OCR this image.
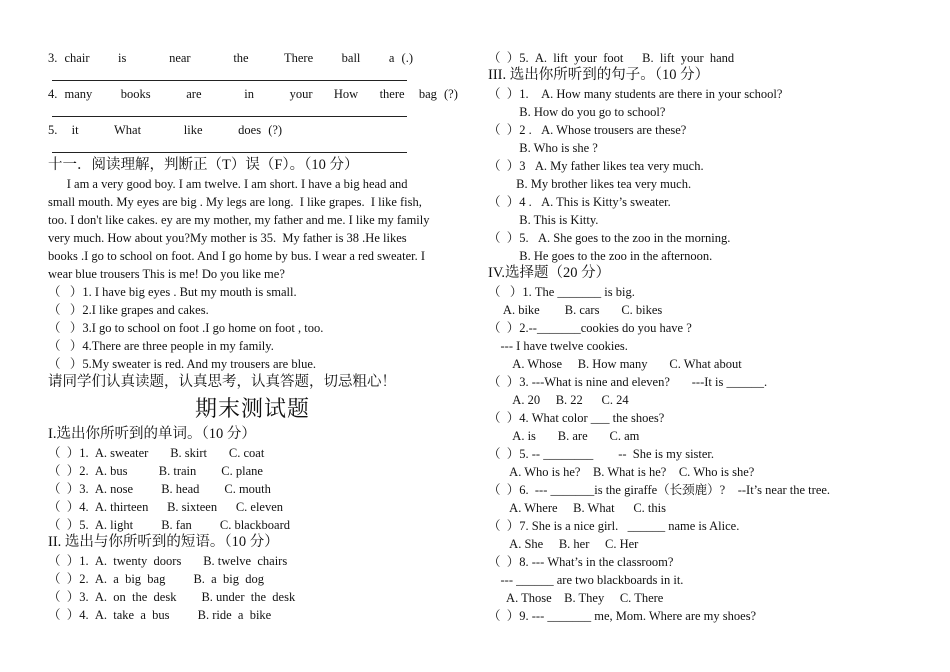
3. chair    is      near      the     There    ball    a (.)
4. many    books     are      in     your   How   there  bag (?)
5.  it     What      like     does (?)
十一．阅读理解，判断正（T）误（F）。（10 分）
I am a very good boy. I am twelve. I am short. I have a big head and
small mouth. My eyes are big . My legs are long.  I like grapes.  I like fish,
too. I don't like cakes. ey are my mother, my father and me. I like my family
very much. How about you?My mother is 35.  My father is 38 .He likes
books .I go to school on foot. And I go home by bus. I wear a red sweater. I
wear blue trousers This is me! Do you like me?
（   ）1. I have big eyes . But my mouth is small.
（   ）2.I like grapes and cakes.
（   ）3.I go to school on foot .I go home on foot , too.
（   ）4.There are three people in my family.
（   ）5.My sweater is red. And my trousers are blue.
请同学们认真读题，认真思考，认真答题，切忌粗心！
期末测试题
I.选出你所听到的单词。（10 分）
（  ）1.  A. sweater       B. skirt       C. coat
（  ）2.  A. bus          B. train        C. plane
（  ）3.  A. nose         B. head        C. mouth
（  ）4.  A. thirteen      B. sixteen      C. eleven
（  ）5.  A. light         B. fan         C. blackboard
II. 选出与你所听到的短语。（10 分）
（  ）1.  A.  twenty  doors       B. twelve  chairs
（  ）2.  A.  a  big  bag         B.  a  big  dog
（  ）3.  A.  on  the  desk        B. under  the  desk
（  ）4.  A.  take  a  bus         B. ride  a  bike
（  ）5.  A.  lift  your  foot      B.  lift  your  hand
III. 选出你所听到的句子。（10 分）
（  ）1.    A. How many students are there in your school?
B. How do you go to school?
（  ）2 .   A. Whose trousers are these?
B. Who is she ?
（  ）3   A. My father likes tea very much.
B. My brother likes tea very much.
（  ）4 .   A. This is Kitty’s sweater.
B. This is Kitty.
（  ）5.   A. She goes to the zoo in the morning.
B. He goes to the zoo in the afternoon.
IV.选择题（20 分）
（   ）1. The _______ is big.
A. bike        B. cars       C. bikes
（  ）2.--_______cookies do you have ?
--- I have twelve cookies.
A. Whose     B. How many       C. What about
（  ）3. ---What is nine and eleven?       ---It is ______.
A. 20     B. 22      C. 24
（  ）4. What color ___ the shoes?
A. is       B. are       C. am
（  ）5. -- ________        --  She is my sister.
A. Who is he?    B. What is he?    C. Who is she?
（  ）6.  --- _______is the giraffe（长颈鹿）?    --It’s near the tree.
A. Where     B. What      C. this
（  ）7. She is a nice girl.   ______ name is Alice.
A. She     B. her     C. Her
（  ）8. --- What’s in the classroom?
--- ______ are two blackboards in it.
A. Those    B. They     C. There
（  ）9. --- _______ me, Mom. Where are my shoes?
